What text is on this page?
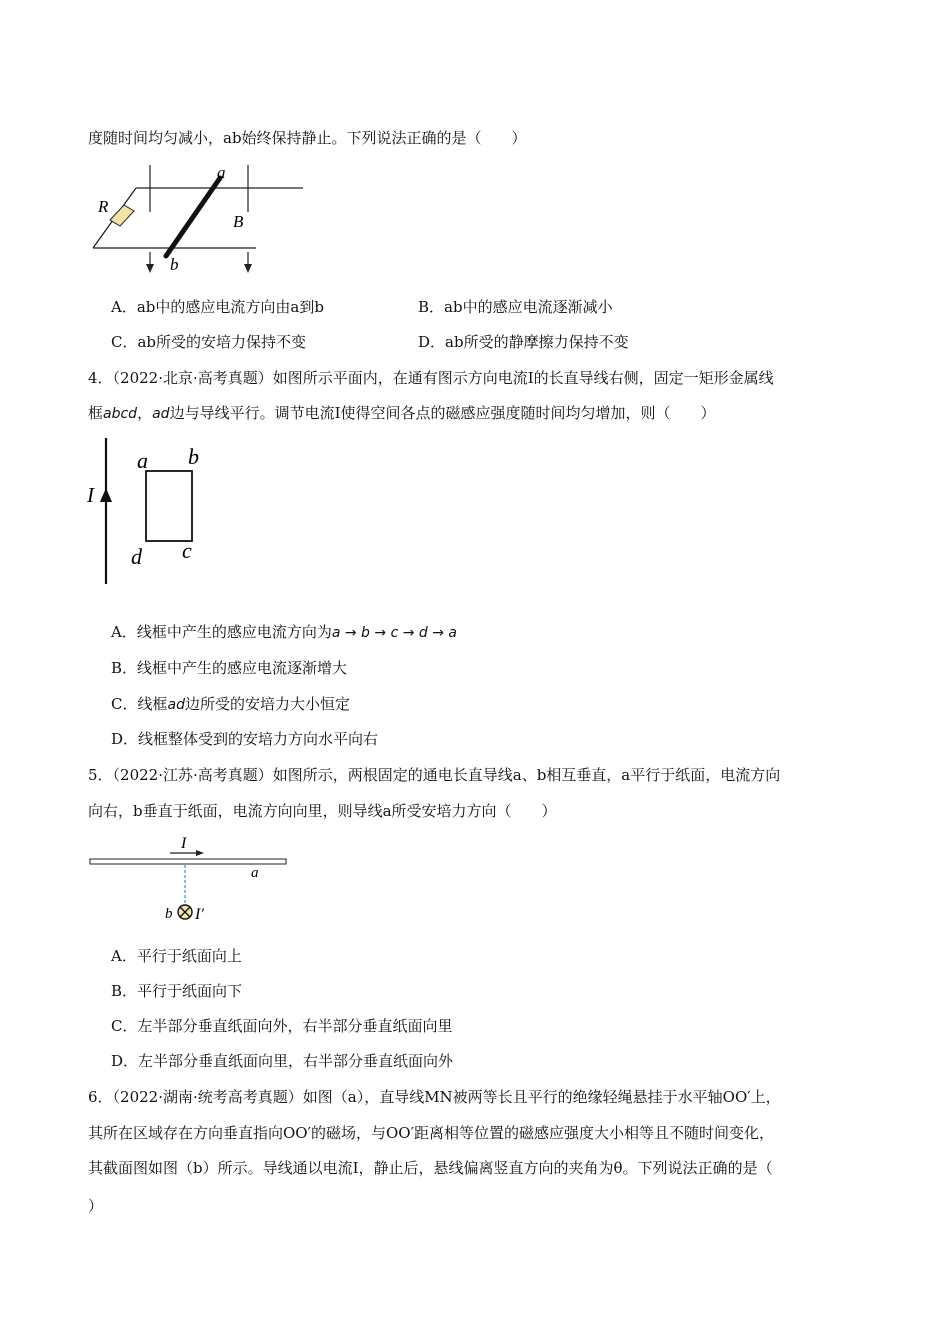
度随时间均匀减小，ab始终保持静止。下列说法正确的是（　　）
a
b
R
B
A．ab中的感应电流方向由a到b	B．ab中的感应电流逐渐减小
C．ab所受的安培力保持不变	D．ab所受的静摩擦力保持不变
4．（2022·北京·高考真题）如图所示平面内，在通有图示方向电流I的长直导线右侧，固定一矩形金属线
框abcd，ad边与导线平行。调节电流I使得空间各点的磁感应强度随时间均匀增加，则（　　）
I
a b
c
d
A．线框中产生的感应电流方向为a → b → c → d → a
B．线框中产生的感应电流逐渐增大
C．线框ad边所受的安培力大小恒定
D．线框整体受到的安培力方向水平向右
5．（2022·江苏·高考真题）如图所示，两根固定的通电长直导线a、b相互垂直，a平行于纸面，电流方向
向右，b垂直于纸面，电流方向向里，则导线a所受安培力方向（　　）
I
a
b I′
A．平行于纸面向上
B．平行于纸面向下
C．左半部分垂直纸面向外，右半部分垂直纸面向里
D．左半部分垂直纸面向里，右半部分垂直纸面向外
6．（2022·湖南·统考高考真题）如图（a），直导线MN被两等长且平行的绝缘轻绳悬挂于水平轴OO′上，
其所在区域存在方向垂直指向OO′的磁场，与OO′距离相等位置的磁感应强度大小相等且不随时间变化，
其截面图如图（b）所示。导线通以电流I，静止后，悬线偏离竖直方向的夹角为θ。下列说法正确的是（
）
